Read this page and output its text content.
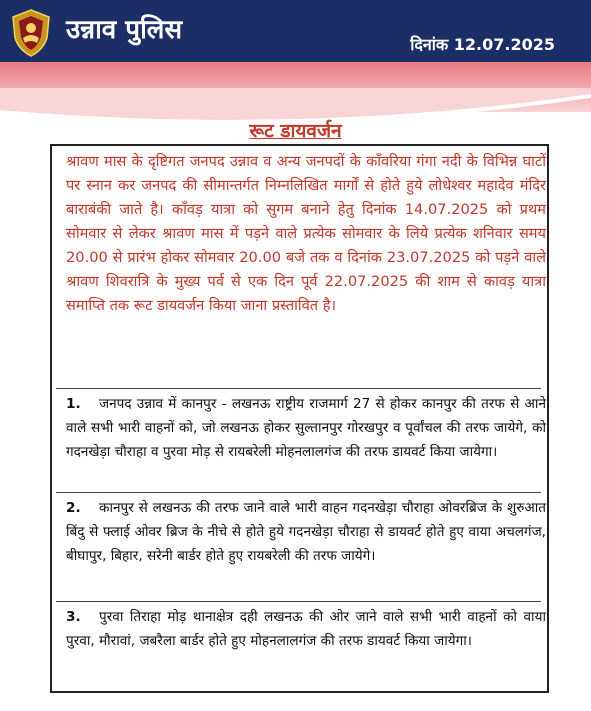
उन्नाव पुलिस	दिनांक 12.07.2025
रूट डायवर्जन
श्रावण मास के दृष्टिगत जनपद उन्नाव व अन्य जनपदों के काँवरिया गंगा नदी के विभिन्न घाटों पर स्नान कर जनपद की सीमान्तर्गत निम्नलिखित मार्गों से होते हुये लोधेश्वर महादेव मंदिर बाराबंकी जाते है। काँवड़ यात्रा को सुगम बनाने हेतु दिनांक 14.07.2025 को प्रथम सोमवार से लेकर श्रावण मास में पड़ने वाले प्रत्येक सोमवार के लिये प्रत्येक शनिवार समय 20.00 से प्रारंभ होकर सोमवार 20.00 बजे तक व दिनांक 23.07.2025 को पड़ने वाले श्रावण शिवरात्रि के मुख्य पर्व से एक दिन पूर्व 22.07.2025 की शाम से कावड़ यात्रा समाप्ति तक रूट डायवर्जन किया जाना प्रस्तावित है।
1. जनपद उन्नाव में कानपुर - लखनऊ राष्ट्रीय राजमार्ग 27 से होकर कानपुर की तरफ से आने वाले सभी भारी वाहनों को, जो लखनऊ होकर सुल्तानपुर गोरखपुर व पूर्वांचल की तरफ जायेगे, को गदनखेड़ा चौराहा व पुरवा मोड़ से रायबरेली मोहनलालगंज की तरफ डायवर्ट किया जायेगा।
2. कानपुर से लखनऊ की तरफ जाने वाले भारी वाहन गदनखेड़ा चौराहा ओवरब्रिज के शुरुआत बिंदु से फ्लाई ओवर ब्रिज के नीचे से होते हुये गदनखेड़ा चौराहा से डायवर्ट होते हुए वाया अचलगंज, बीघापुर, बिहार, सरेनी बार्डर होते हुए रायबरेली की तरफ जायेगे।
3. पुरवा तिराहा मोड़ थानाक्षेत्र दही लखनऊ की ओर जाने वाले सभी भारी वाहनों को वाया पुरवा, मौरावां, जबरैला बार्डर होते हुए मोहनलालगंज की तरफ डायवर्ट किया जायेगा।
